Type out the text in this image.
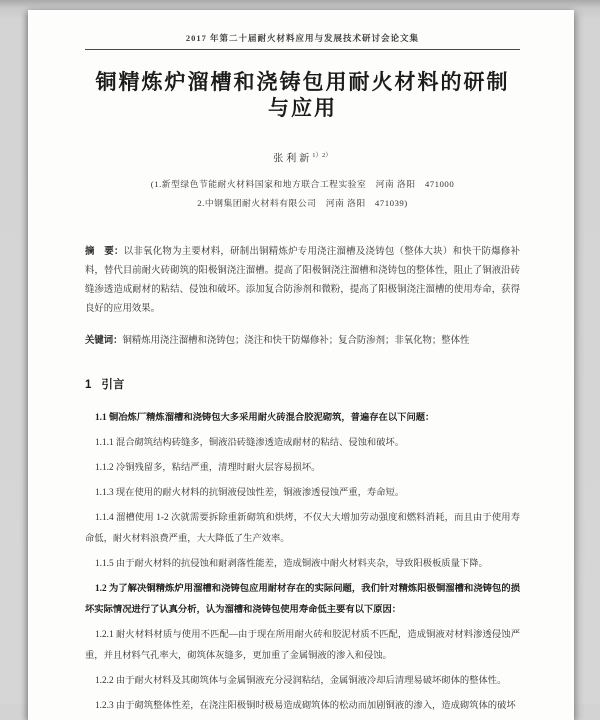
2017 年第二十届耐火材料应用与发展技术研讨会论文集
铜精炼炉溜槽和浇铸包用耐火材料的研制与应用
张利新$^{1)2)}$
(1.新型绿色节能耐火材料国家和地方联合工程实验室　河南 洛阳　471000
2.中钢集团耐火材料有限公司　河南 洛阳　471039)

摘　要：以非氧化物为主要材料，研制出铜精炼炉专用浇注溜槽及浇铸包（整体大块）和快干防爆修补料，替代目前耐火砖砌筑的阳极铜浇注溜槽。提高了阳极铜浇注溜槽和浇铸包的整体性，阻止了铜液沿砖缝渗透造成耐材的粘结、侵蚀和破坏。添加复合防渗剂和微粉，提高了阳极铜浇注溜槽的使用寿命，获得良好的应用效果。

关键词：铜精炼用浇注溜槽和浇铸包；浇注和快干防爆修补；复合防渗剂；非氧化物；整体性

1 引言

1.1 铜冶炼厂精炼溜槽和浇铸包大多采用耐火砖混合胶泥砌筑，普遍存在以下问题：

1.1.1 混合砌筑结构砖缝多，铜液沿砖缝渗透造成耐材的粘结、侵蚀和破坏。

1.1.2 冷铜残留多，粘结严重，清理时耐火层容易损坏。

1.1.3 现在使用的耐火材料的抗铜液侵蚀性差，铜液渗透侵蚀严重，寿命短。

1.1.4 溜槽使用 1-2 次就需要拆除重新砌筑和烘烤，不仅大大增加劳动强度和燃料消耗，而且由于使用寿命低，耐火材料浪费严重，大大降低了生产效率。

1.1.5 由于耐火材料的抗侵蚀和耐剥落性能差，造成铜液中耐火材料夹杂，导致阳极板质量下降。

1.2 为了解决铜精炼炉用溜槽和浇铸包应用耐材存在的实际问题，我们针对精炼阳极铜溜槽和浇铸包的损坏实际情况进行了认真分析，认为溜槽和浇铸包使用寿命低主要有以下原因：

1.2.1 耐火材料材质与使用不匹配—由于现在所用耐火砖和胶泥材质不匹配，造成铜液对材料渗透侵蚀严重，并且材料气孔率大，砌筑体灰缝多，更加重了金属铜液的渗入和侵蚀。

1.2.2 由于耐火材料及其砌筑体与金属铜液充分浸润粘结，金属铜液冷却后清理易破坏砌体的整体性。

1.2.3 由于砌筑整体性差，在浇注阳极铜时极易造成砌筑体的松动而加剧铜液的渗入，造成砌筑体的破坏
